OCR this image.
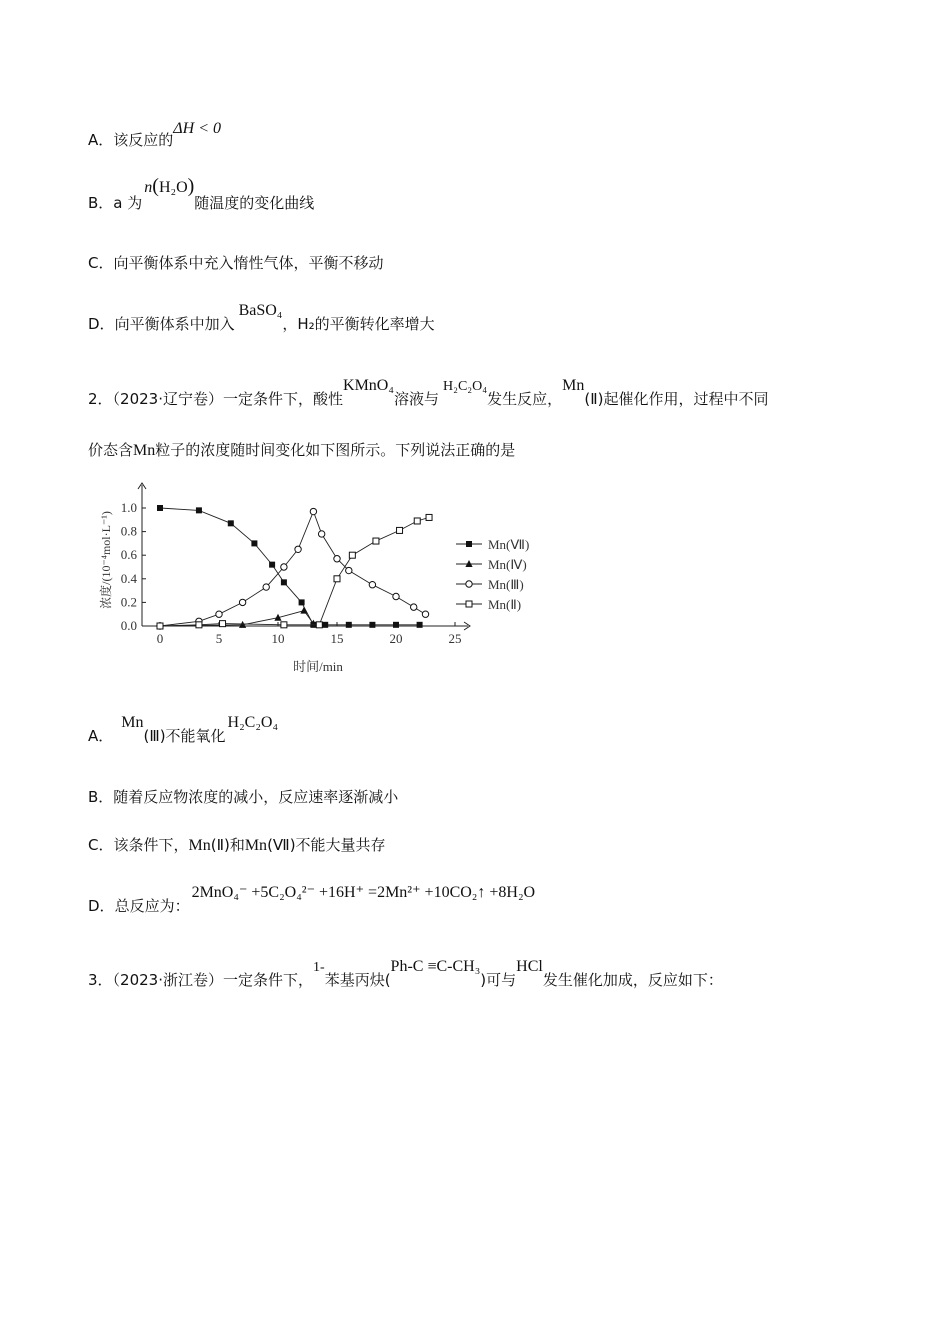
A．该反应的ΔH < 0
B．a 为n(H₂O)随温度的变化曲线
C．向平衡体系中充入惰性气体，平衡不移动
D．向平衡体系中加入BaSO₄，H₂的平衡转化率增大
2．（2023·辽宁卷）一定条件下，酸性KMnO₄溶液与H₂C₂O₄发生反应，Mn(Ⅱ)起催化作用，过程中不同
价态含Mn粒子的浓度随时间变化如下图所示。下列说法正确的是
0	5	10	15	20	25
0.0
0.2
0.4
0.6
0.8
1.0
Mn(Ⅶ)
Mn(Ⅳ)
Mn(Ⅲ)
Mn(Ⅱ)
时间/min
浓度/(10⁻⁴mol·L⁻¹)
A．Mn(Ⅲ)不能氧化H₂C₂O₄
B．随着反应物浓度的减小，反应速率逐渐减小
C．该条件下，Mn(Ⅱ)和Mn(Ⅶ)不能大量共存
D．总反应为：2MnO₄⁻ +5C₂O₄²⁻ +16H⁺ =2Mn²⁺ +10CO₂↑ +8H₂O
3．（2023·浙江卷）一定条件下，1-苯基丙炔(Ph-C ≡C-CH₃)可与HCl发生催化加成，反应如下：
